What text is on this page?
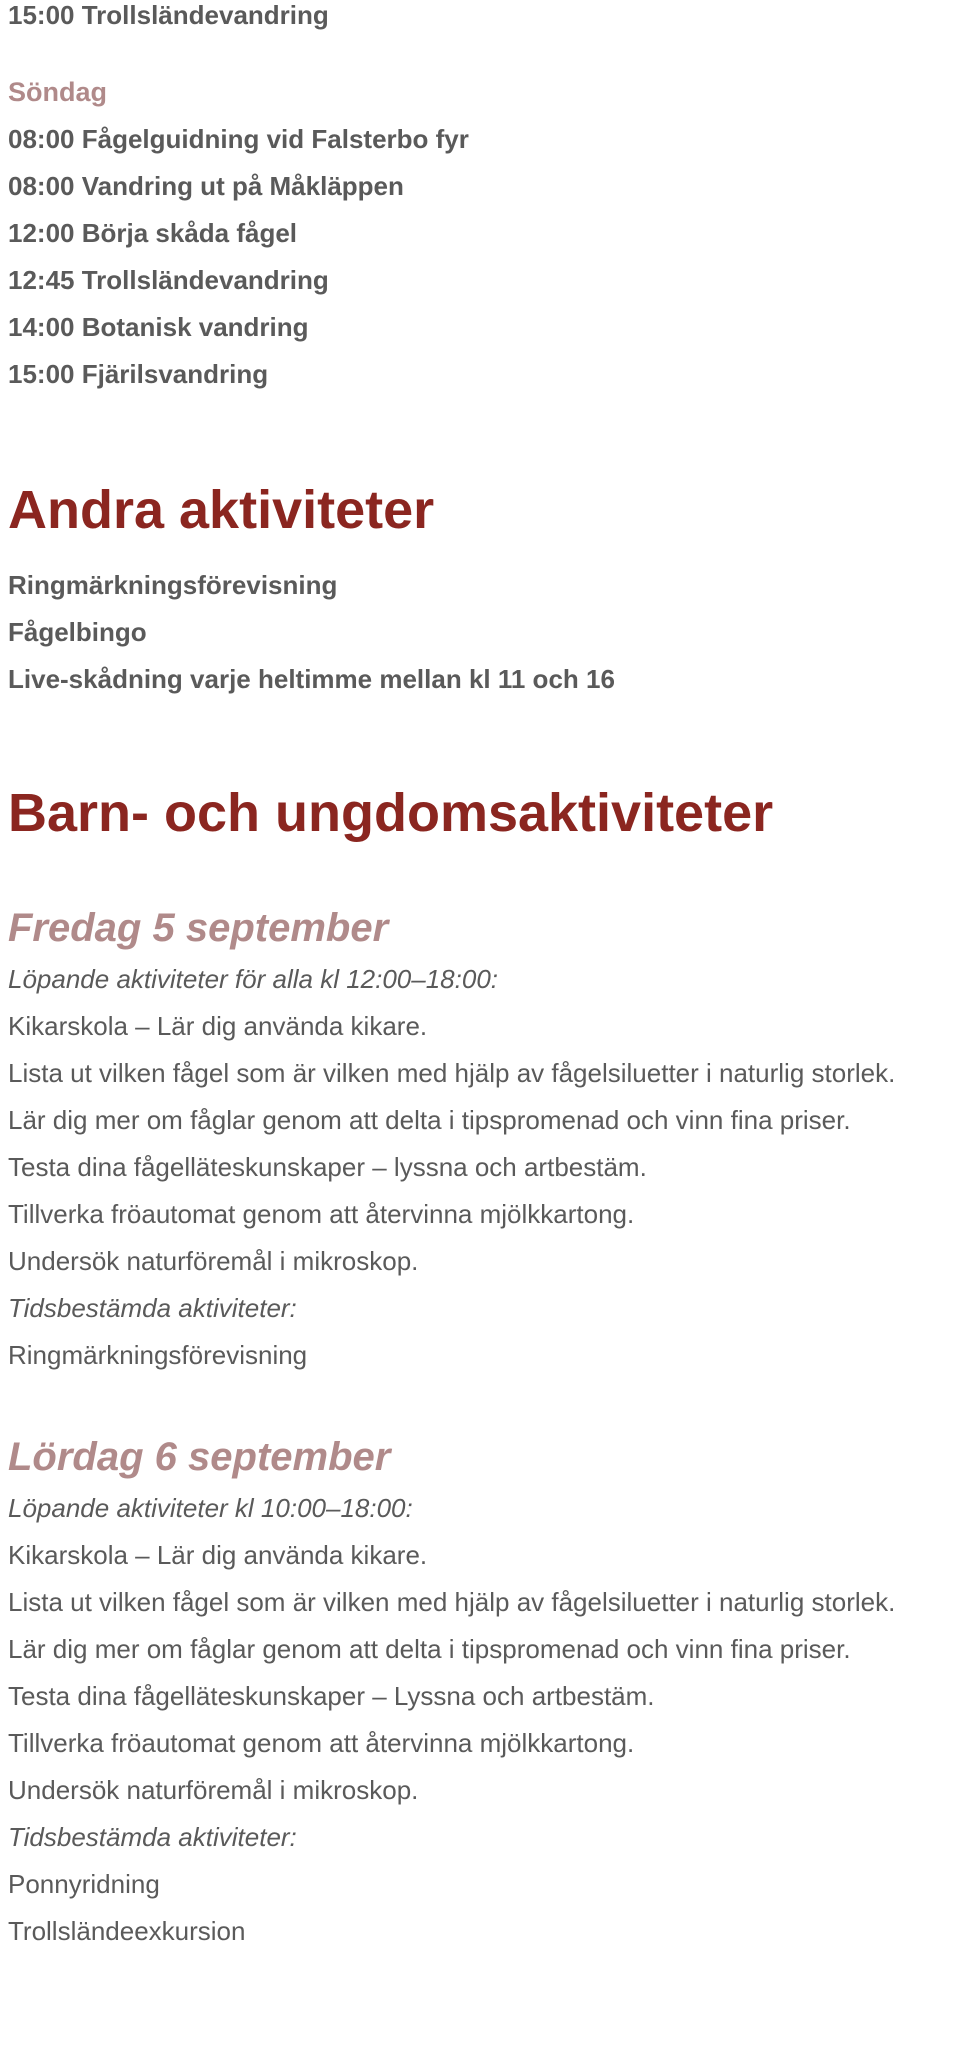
15:00 Trollsländevandring
Söndag
08:00 Fågelguidning vid Falsterbo fyr
08:00 Vandring ut på Måkläppen
12:00 Börja skåda fågel
12:45 Trollsländevandring
14:00 Botanisk vandring
15:00 Fjärilsvandring
Andra aktiviteter
Ringmärkningsförevisning
Fågelbingo
Live-skådning varje heltimme mellan kl 11 och 16
Barn- och ungdomsaktiviteter
Fredag 5 september
Löpande aktiviteter för alla kl 12:00–18:00:
Kikarskola – Lär dig använda kikare.
Lista ut vilken fågel som är vilken med hjälp av fågelsiluetter i naturlig storlek.
Lär dig mer om fåglar genom att delta i tipspromenad och vinn fina priser.
Testa dina fågelläteskunskaper – lyssna och artbestäm.
Tillverka fröautomat genom att återvinna mjölkkartong.
Undersök naturföremål i mikroskop.
Tidsbestämda aktiviteter:
Ringmärkningsförevisning
Lördag 6 september
Löpande aktiviteter kl 10:00–18:00:
Kikarskola – Lär dig använda kikare.
Lista ut vilken fågel som är vilken med hjälp av fågelsiluetter i naturlig storlek.
Lär dig mer om fåglar genom att delta i tipspromenad och vinn fina priser.
Testa dina fågelläteskunskaper – Lyssna och artbestäm.
Tillverka fröautomat genom att återvinna mjölkkartong.
Undersök naturföremål i mikroskop.
Tidsbestämda aktiviteter:
Ponnyridning
Trollsländeexkursion
